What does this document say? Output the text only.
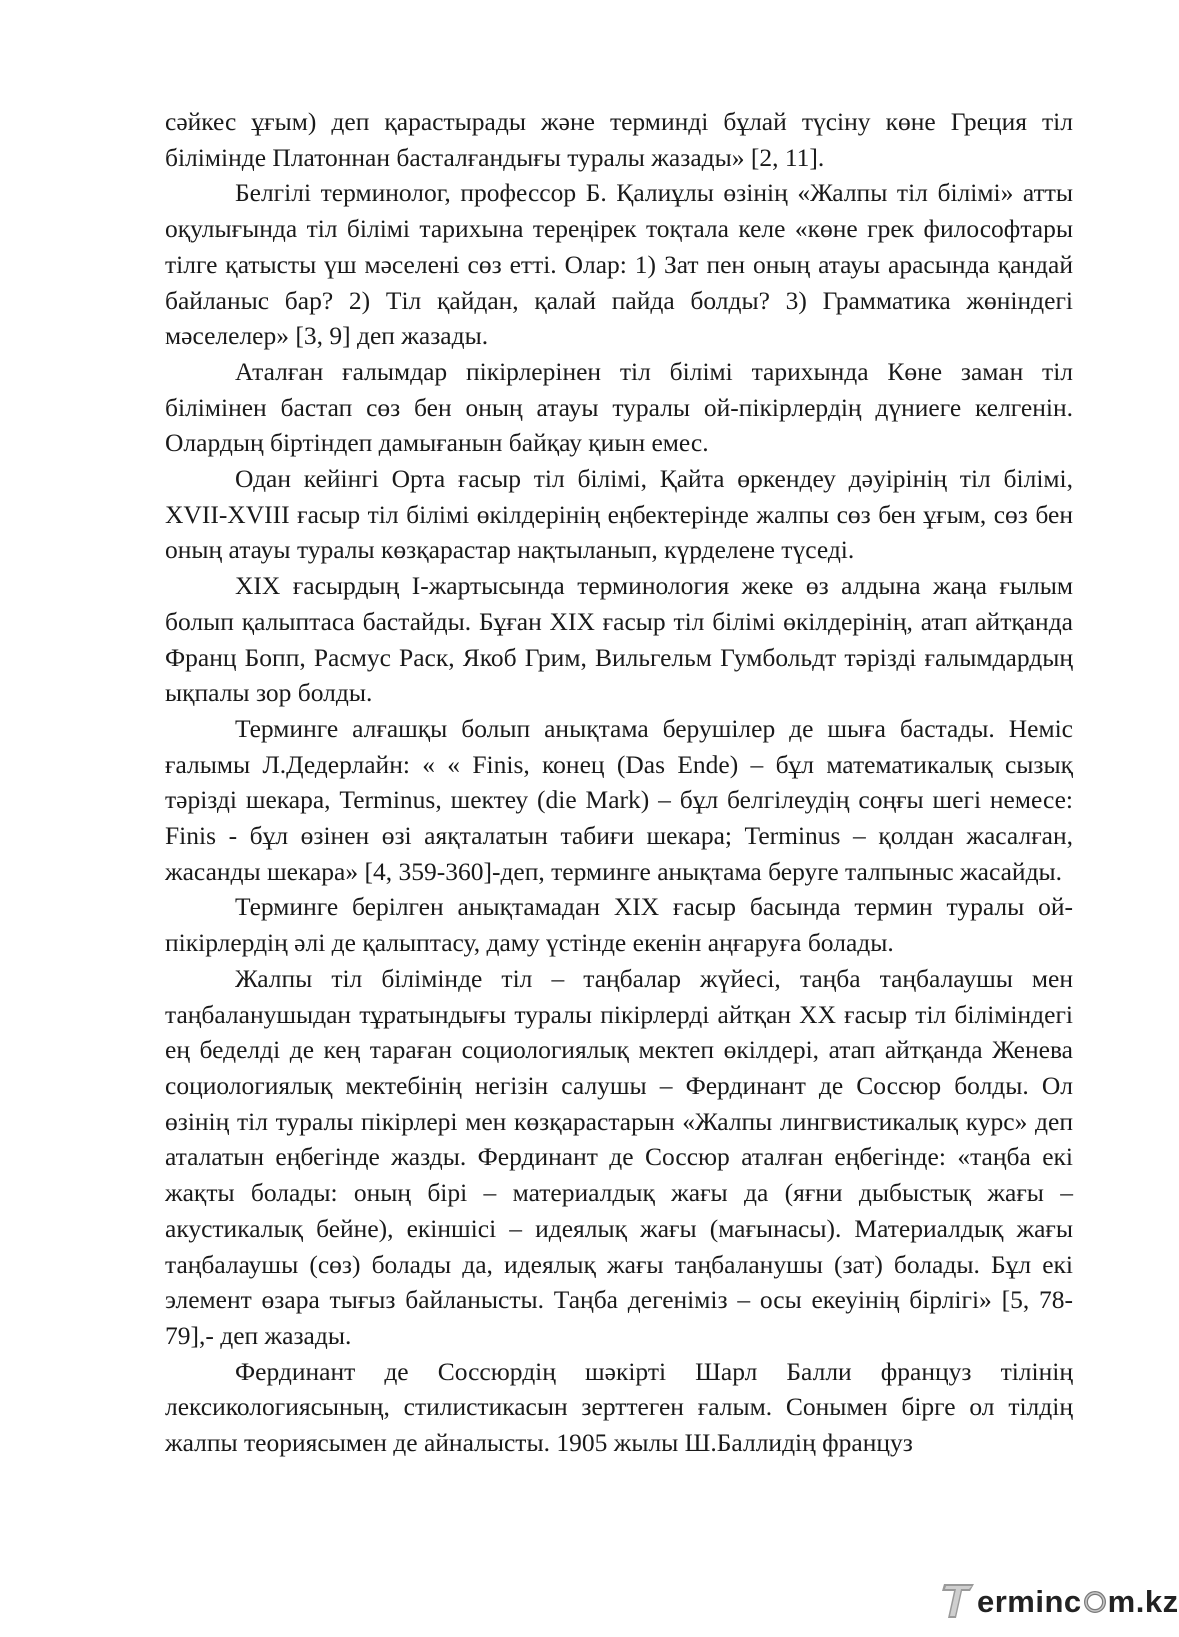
сәйкес ұғым) деп қарастырады және терминді бұлай түсіну көне Греция тіл білімінде Платоннан басталғандығы туралы жазады» [2, 11].

Белгілі терминолог, профессор Б. Қалиұлы өзінің «Жалпы тіл білімі» атты оқулығында тіл білімі тарихына тереңірек тоқтала келе «көне грек философтары тілге қатысты үш мәселені сөз етті. Олар: 1) Зат пен оның атауы арасында қандай байланыс бар? 2) Тіл қайдан, қалай пайда болды? 3) Грамматика жөніндегі мәселелер» [3, 9] деп жазады.

Аталған ғалымдар пікірлерінен тіл білімі тарихында Көне заман тіл білімінен бастап сөз бен оның атауы туралы ой-пікірлердің дүниеге келгенін. Олардың біртіндеп дамығанын байқау қиын емес.

Одан кейінгі Орта ғасыр тіл білімі, Қайта өркендеу дәуірінің тіл білімі, XVII-XVIII ғасыр тіл білімі өкілдерінің еңбектерінде жалпы сөз бен ұғым, сөз бен оның атауы туралы көзқарастар нақтыланып, күрделене түседі.

XIX ғасырдың I-жартысында терминология жеке өз алдына жаңа ғылым болып қалыптаса бастайды. Бұған XIX ғасыр тіл білімі өкілдерінің, атап айтқанда Франц Бопп, Расмус Раск, Якоб Грим, Вильгельм Гумбольдт тәрізді ғалымдардың ықпалы зор болды.

Терминге алғашқы болып анықтама берушілер де шыға бастады. Неміс ғалымы Л.Дедерлайн: « « Finis, конец (Das Ende) – бұл математикалық сызық тәрізді шекара, Terminus, шектеу (die Mark) – бұл белгілеудің соңғы шегі немесе: Finis - бұл өзінен өзі аяқталатын табиғи шекара; Terminus – қолдан жасалған, жасанды шекара» [4, 359-360]-деп, терминге анықтама беруге талпыныс жасайды.

Терминге берілген анықтамадан XIX ғасыр басында термин туралы ой-пікірлердің әлі де қалыптасу, даму үстінде екенін аңғаруға болады.

Жалпы тіл білімінде тіл – таңбалар жүйесі, таңба таңбалаушы мен таңбаланушыдан тұратындығы туралы пікірлерді айтқан XX ғасыр тіл біліміндегі ең беделді де кең тараған социологиялық мектеп өкілдері, атап айтқанда Женева социологиялық мектебінің негізін салушы – Фердинант де Соссюр болды. Ол өзінің тіл туралы пікірлері мен көзқарастарын «Жалпы лингвистикалық курс» деп аталатын еңбегінде жазды. Фердинант де Соссюр аталған еңбегінде: «таңба екі жақты болады: оның бірі – материалдық жағы да (яғни дыбыстық жағы – акустикалық бейне), екіншісі – идеялық жағы (мағынасы). Материалдық жағы таңбалаушы (сөз) болады да, идеялық жағы таңбаланушы (зат) болады. Бұл екі элемент өзара тығыз байланысты. Таңба дегеніміз – осы екеуінің бірлігі» [5, 78-79],- деп жазады.

Фердинант де Соссюрдің шәкірті Шарл Балли француз тілінің лексикологиясының, стилистикасын зерттеген ғалым. Сонымен бірге ол тілдің жалпы теориясымен де айналысты. 1905 жылы Ш.Баллидің француз

erminc m.kz
